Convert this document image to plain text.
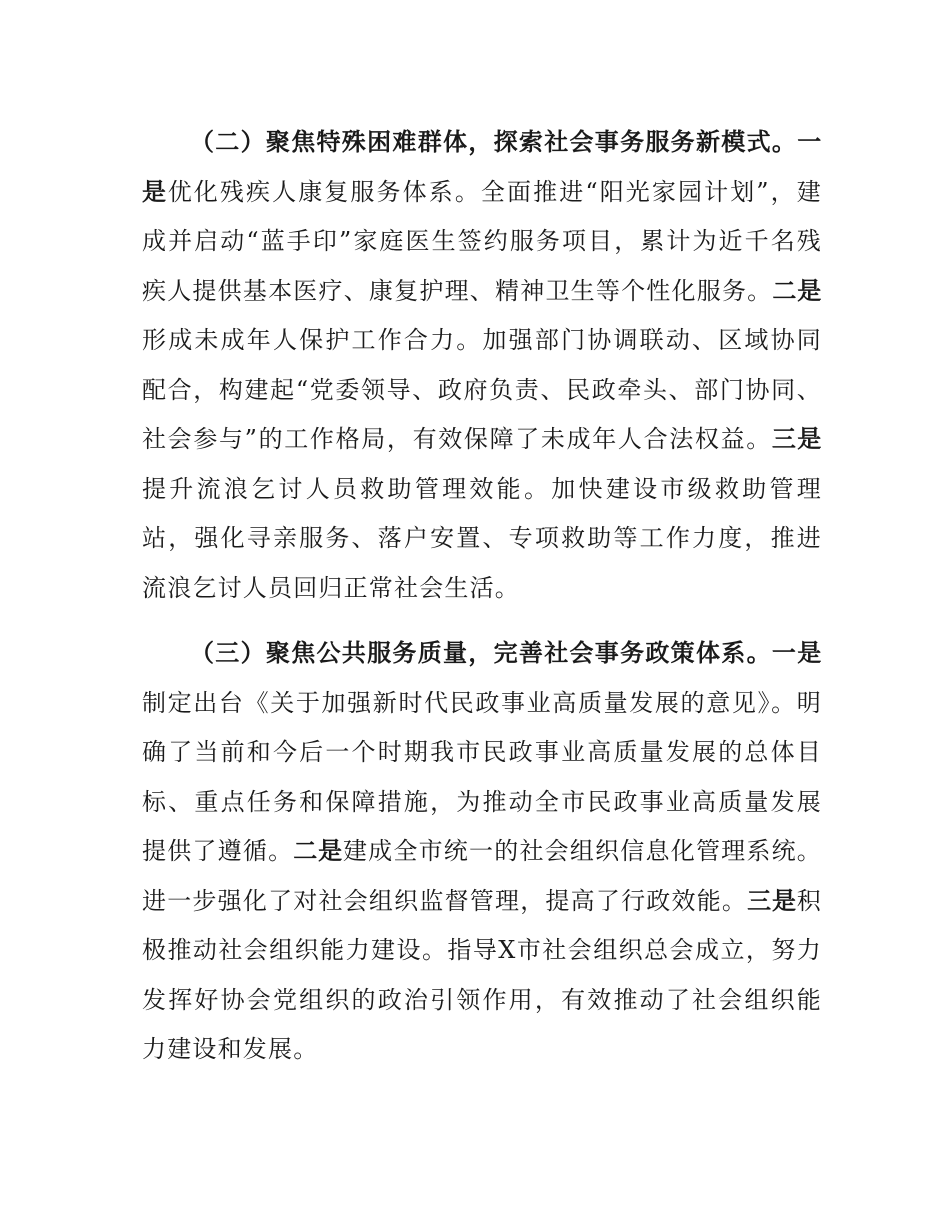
（二）聚焦特殊困难群体，探索社会事务服务新模式。一是优化残疾人康复服务体系。全面推进“阳光家园计划”，建成并启动“蓝手印”家庭医生签约服务项目，累计为近千名残疾人提供基本医疗、康复护理、精神卫生等个性化服务。二是形成未成年人保护工作合力。加强部门协调联动、区域协同配合，构建起“党委领导、政府负责、民政牵头、部门协同、社会参与”的工作格局，有效保障了未成年人合法权益。三是提升流浪乞讨人员救助管理效能。加快建设市级救助管理站，强化寻亲服务、落户安置、专项救助等工作力度，推进流浪乞讨人员回归正常社会生活。

（三）聚焦公共服务质量，完善社会事务政策体系。一是制定出台《关于加强新时代民政事业高质量发展的意见》。明确了当前和今后一个时期我市民政事业高质量发展的总体目标、重点任务和保障措施，为推动全市民政事业高质量发展提供了遵循。二是建成全市统一的社会组织信息化管理系统。进一步强化了对社会组织监督管理，提高了行政效能。三是积极推动社会组织能力建设。指导X市社会组织总会成立，努力发挥好协会党组织的政治引领作用，有效推动了社会组织能力建设和发展。
